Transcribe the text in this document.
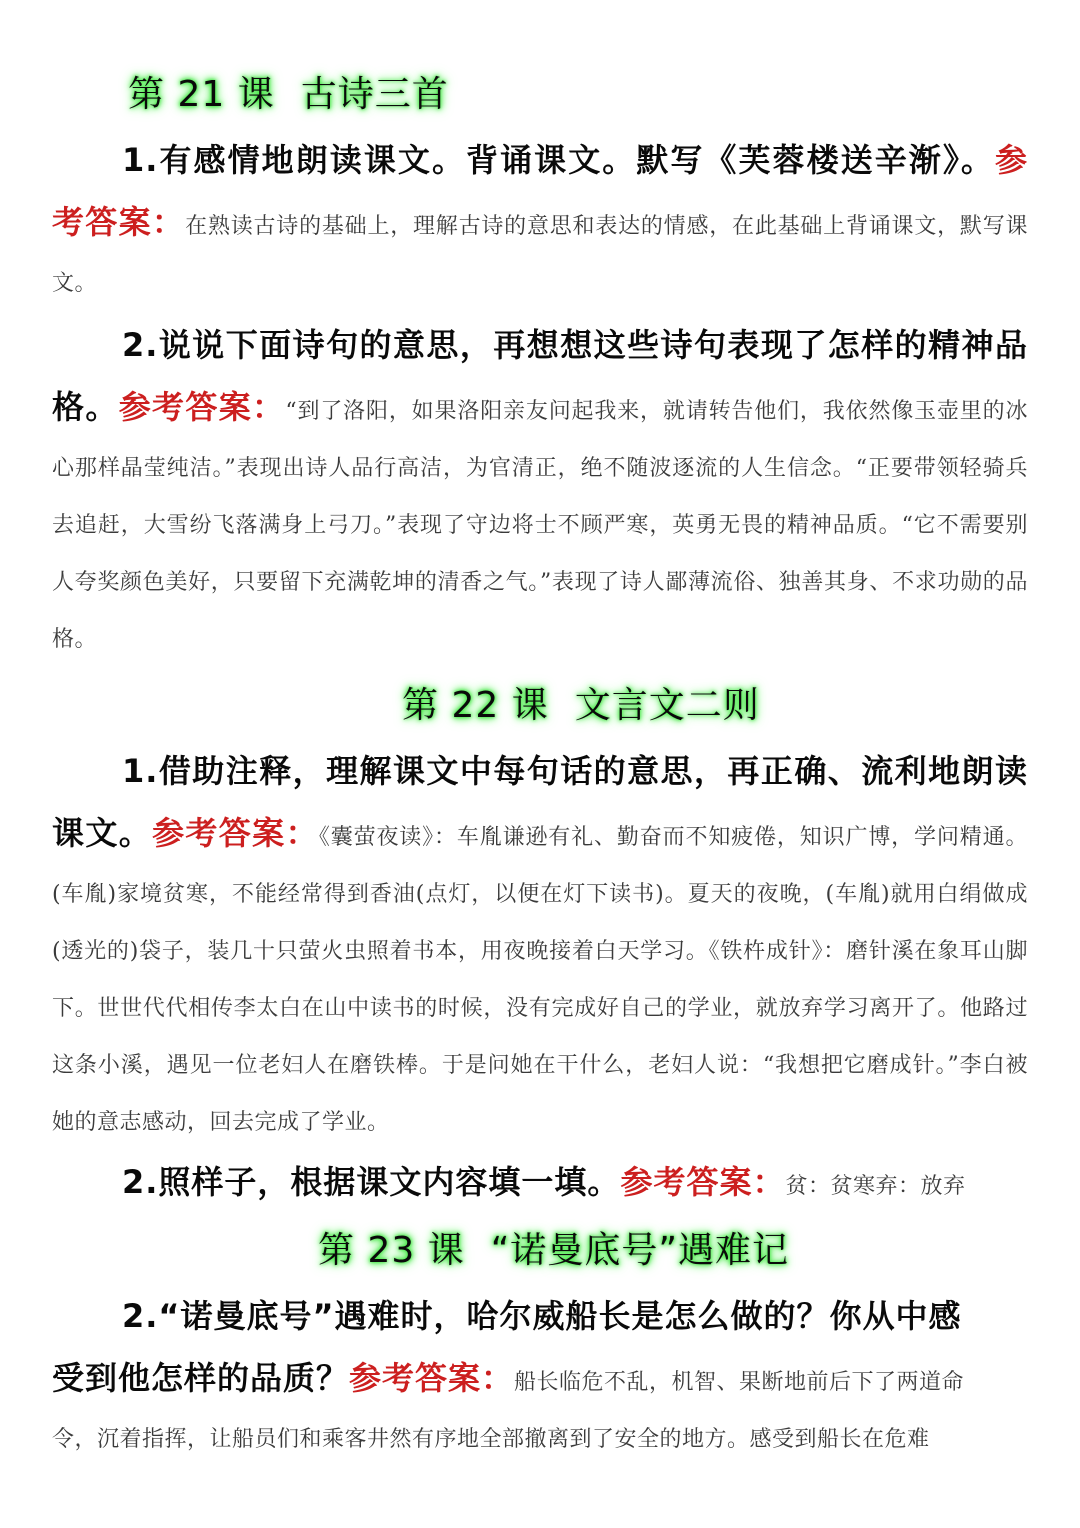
第 21 课 古诗三首
1.有感情地朗读课文。背诵课文。默写《芙蓉楼送辛渐》。参考答案：在熟读古诗的基础上，理解古诗的意思和表达的情感，在此基础上背诵课文，默写课文。
2.说说下面诗句的意思，再想想这些诗句表现了怎样的精神品格。参考答案：“到了洛阳，如果洛阳亲友问起我来，就请转告他们，我依然像玉壶里的冰心那样晶莹纯洁。”表现出诗人品行高洁，为官清正，绝不随波逐流的人生信念。“正要带领轻骑兵去追赶，大雪纷飞落满身上弓刀。”表现了守边将士不顾严寒，英勇无畏的精神品质。“它不需要别人夸奖颜色美好，只要留下充满乾坤的清香之气。”表现了诗人鄙薄流俗、独善其身、不求功勋的品格。
第 22 课 文言文二则
1.借助注释，理解课文中每句话的意思，再正确、流利地朗读课文。参考答案：《囊萤夜读》：车胤谦逊有礼、勤奋而不知疲倦，知识广博，学问精通。(车胤)家境贫寒，不能经常得到香油(点灯，以便在灯下读书)。夏天的夜晚，(车胤)就用白绢做成(透光的)袋子，装几十只萤火虫照着书本，用夜晚接着白天学习。《铁杵成针》：磨针溪在象耳山脚下。世世代代相传李太白在山中读书的时候，没有完成好自己的学业，就放弃学习离开了。他路过这条小溪，遇见一位老妇人在磨铁棒。于是问她在干什么，老妇人说：“我想把它磨成针。”李白被她的意志感动，回去完成了学业。
2.照样子，根据课文内容填一填。参考答案：贫：贫寒弃：放弃
第 23 课 “诺曼底号”遇难记
2.“诺曼底号”遇难时，哈尔威船长是怎么做的？你从中感
受到他怎样的品质？参考答案：船长临危不乱，机智、果断地前后下了两道命
令，沉着指挥，让船员们和乘客井然有序地全部撤离到了安全的地方。感受到船长在危难
